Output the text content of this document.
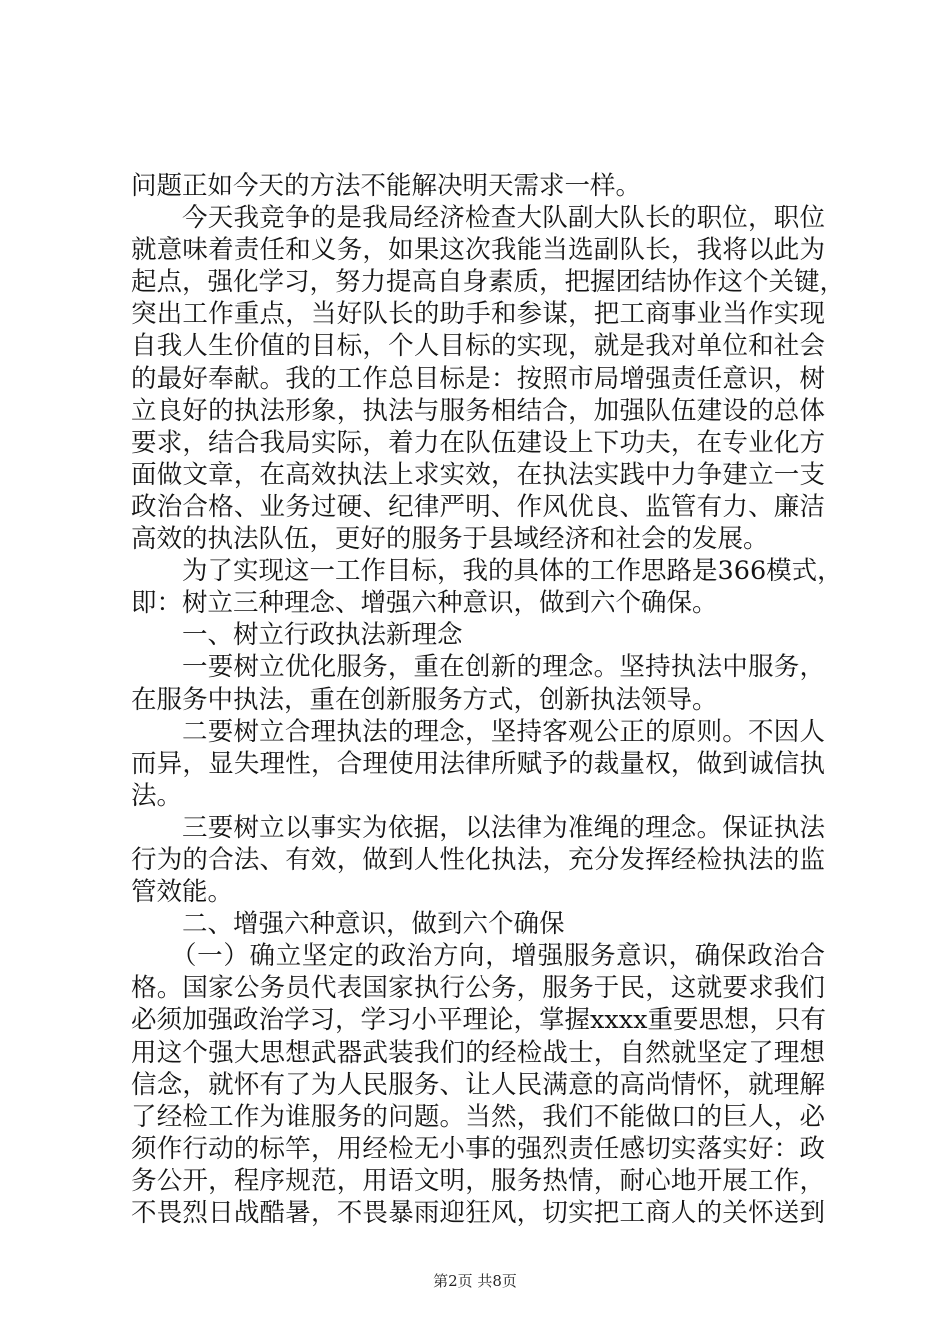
问题正如今天的方法不能解决明天需求一样。
今天我竞争的是我局经济检查大队副大队长的职位，职位
就意味着责任和义务，如果这次我能当选副队长，我将以此为
起点，强化学习，努力提高自身素质，把握团结协作这个关键，
突出工作重点，当好队长的助手和参谋，把工商事业当作实现
自我人生价值的目标，个人目标的实现，就是我对单位和社会
的最好奉献。我的工作总目标是：按照市局增强责任意识，树
立良好的执法形象，执法与服务相结合，加强队伍建设的总体
要求，结合我局实际，着力在队伍建设上下功夫，在专业化方
面做文章，在高效执法上求实效，在执法实践中力争建立一支
政治合格、业务过硬、纪律严明、作风优良、监管有力、廉洁
高效的执法队伍，更好的服务于县域经济和社会的发展。
为了实现这一工作目标，我的具体的工作思路是366模式，
即：树立三种理念、增强六种意识，做到六个确保。
一、树立行政执法新理念
一要树立优化服务，重在创新的理念。坚持执法中服务，
在服务中执法，重在创新服务方式，创新执法领导。
二要树立合理执法的理念，坚持客观公正的原则。不因人
而异，显失理性，合理使用法律所赋予的裁量权，做到诚信执
法。
三要树立以事实为依据，以法律为准绳的理念。保证执法
行为的合法、有效，做到人性化执法，充分发挥经检执法的监
管效能。
二、增强六种意识，做到六个确保
（一）确立坚定的政治方向，增强服务意识，确保政治合
格。国家公务员代表国家执行公务，服务于民，这就要求我们
必须加强政治学习，学习小平理论，掌握xxxx重要思想，只有
用这个强大思想武器武装我们的经检战士，自然就坚定了理想
信念，就怀有了为人民服务、让人民满意的高尚情怀，就理解
了经检工作为谁服务的问题。当然，我们不能做口的巨人，必
须作行动的标竿，用经检无小事的强烈责任感切实落实好：政
务公开，程序规范，用语文明，服务热情，耐心地开展工作，
不畏烈日战酷暑，不畏暴雨迎狂风，切实把工商人的关怀送到
第2页 共8页
